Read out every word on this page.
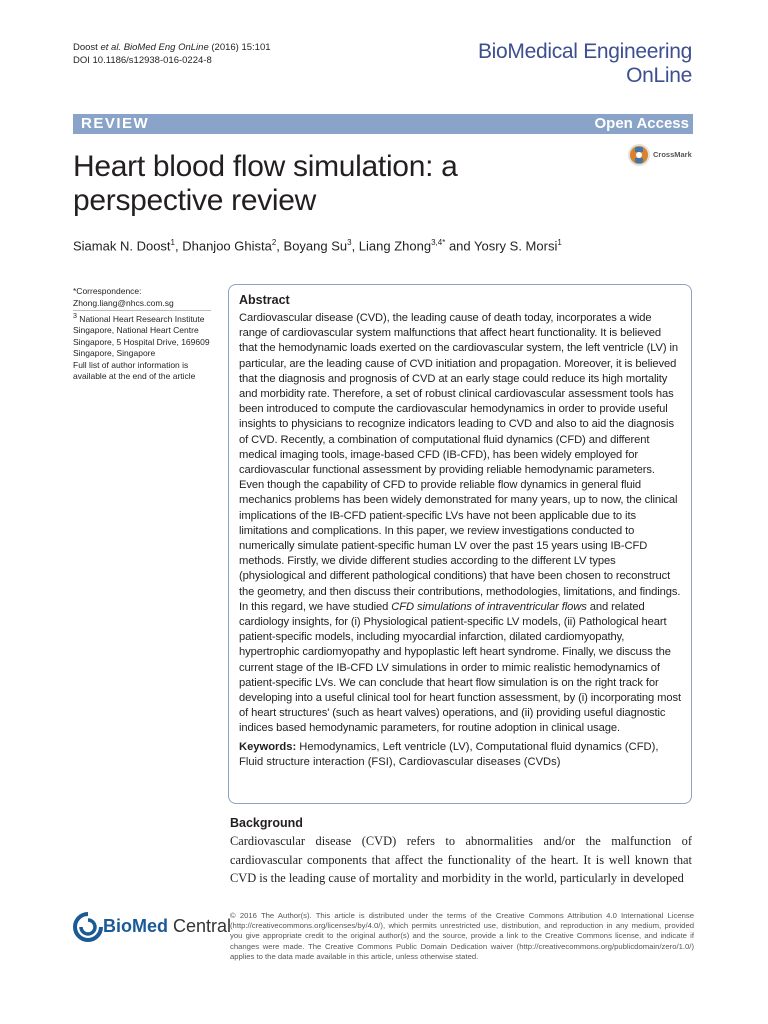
Doost et al. BioMed Eng OnLine (2016) 15:101
DOI 10.1186/s12938-016-0224-8	BioMedical Engineering
OnLine
REVIEW	Open Access
Heart blood flow simulation: a perspective review
CrossMark
Siamak N. Doost$^1$, Dhanjoo Ghista$^2$, Boyang Su$^3$, Liang Zhong$^{3,4*}$ and Yosry S. Morsi$^1$
*Correspondence:
Zhong.liang@nhcs.com.sg
$^3$ National Heart Research Institute Singapore, National Heart Centre Singapore, 5 Hospital Drive, 169609 Singapore, Singapore
Full list of author information is available at the end of the article
Abstract
Cardiovascular disease (CVD), the leading cause of death today, incorporates a wide range of cardiovascular system malfunctions that affect heart functionality. It is believed that the hemodynamic loads exerted on the cardiovascular system, the left ventricle (LV) in particular, are the leading cause of CVD initiation and propagation. Moreover, it is believed that the diagnosis and prognosis of CVD at an early stage could reduce its high mortality and morbidity rate. Therefore, a set of robust clinical cardiovascular assessment tools has been introduced to compute the cardiovascular hemodynamics in order to provide useful insights to physicians to recognize indicators leading to CVD and also to aid the diagnosis of CVD. Recently, a combination of computational fluid dynamics (CFD) and different medical imaging tools, image-based CFD (IB-CFD), has been widely employed for cardiovascular functional assessment by providing reliable hemodynamic parameters. Even though the capability of CFD to provide reliable flow dynamics in general fluid mechanics problems has been widely demonstrated for many years, up to now, the clinical implications of the IB-CFD patient-specific LVs have not been applicable due to its limitations and complications. In this paper, we review investigations conducted to numerically simulate patient-specific human LV over the past 15 years using IB-CFD methods. Firstly, we divide different studies according to the different LV types (physiological and different pathological conditions) that have been chosen to reconstruct the geometry, and then discuss their contributions, methodologies, limitations, and findings. In this regard, we have studied CFD simulations of intraventricular flows and related cardiology insights, for (i) Physiological patient-specific LV models, (ii) Pathological heart patient-specific models, including myocardial infarction, dilated cardiomyopathy, hypertrophic cardiomyopathy and hypoplastic left heart syndrome. Finally, we discuss the current stage of the IB-CFD LV simulations in order to mimic realistic hemodynamics of patient-specific LVs. We can conclude that heart flow simulation is on the right track for developing into a useful clinical tool for heart function assessment, by (i) incorporating most of heart structures' (such as heart valves) operations, and (ii) providing useful diagnostic indices based hemodynamic parameters, for routine adoption in clinical usage.
Keywords: Hemodynamics, Left ventricle (LV), Computational fluid dynamics (CFD), Fluid structure interaction (FSI), Cardiovascular diseases (CVDs)
Background
Cardiovascular disease (CVD) refers to abnormalities and/or the malfunction of cardiovascular components that affect the functionality of the heart. It is well known that CVD is the leading cause of mortality and morbidity in the world, particularly in developed
BioMed Central
© 2016 The Author(s). This article is distributed under the terms of the Creative Commons Attribution 4.0 International License (http://creativecommons.org/licenses/by/4.0/), which permits unrestricted use, distribution, and reproduction in any medium, provided you give appropriate credit to the original author(s) and the source, provide a link to the Creative Commons license, and indicate if changes were made. The Creative Commons Public Domain Dedication waiver (http://creativecommons.org/publicdomain/zero/1.0/) applies to the data made available in this article, unless otherwise stated.
